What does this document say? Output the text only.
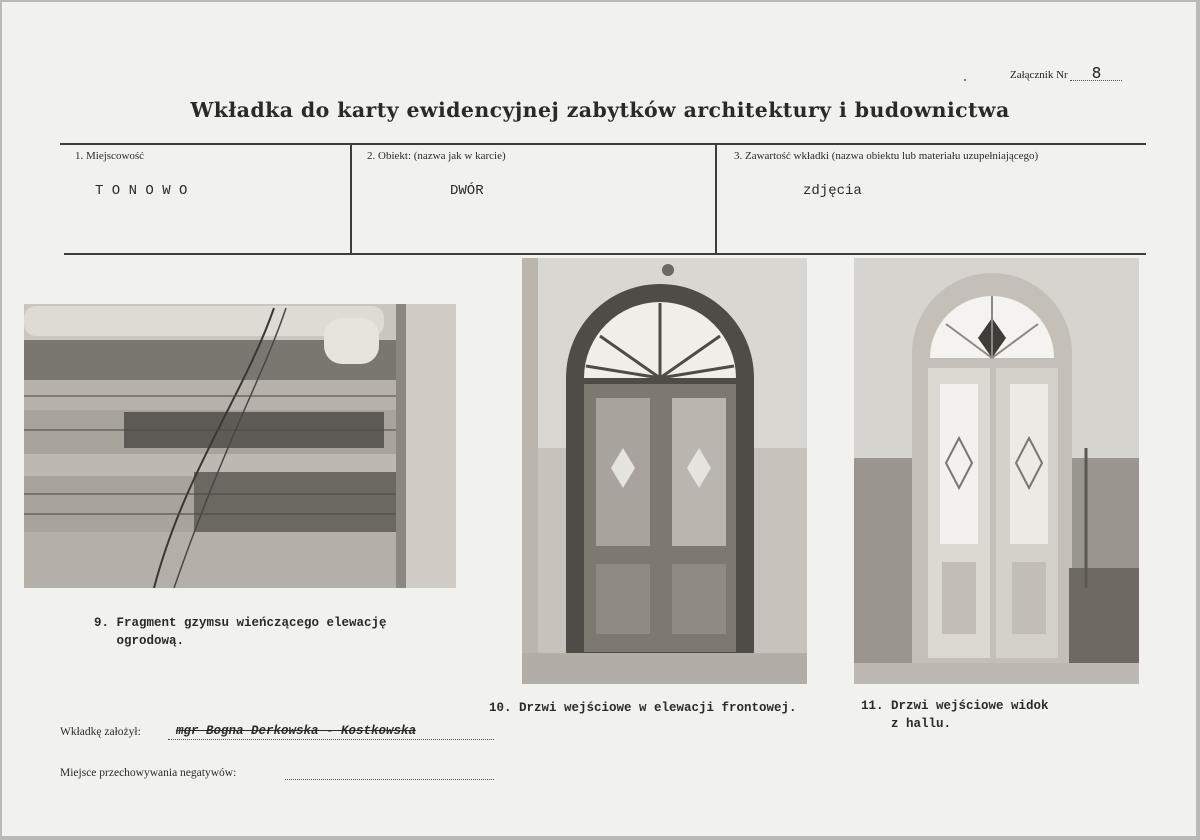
Załącznik Nr 8
Wkładka do karty ewidencyjnej zabytków architektury i budownictwa
1. Miejscowość
T O N O W O
2. Obiekt: (nazwa jak w karcie)
DWÓR
3. Zawartość wkładki (nazwa obiektu lub materiału uzupełniającego)
zdjęcia
9. Fragment gzymsu wieńczącego elewację
ogrodową.
10. Drzwi wejściowe w elewacji frontowej.	11. Drzwi wejściowe widok
z hallu.
Wkładkę założył:	mgr Bogna Derkowska - Kostkowska
Miejsce przechowywania negatywów:
